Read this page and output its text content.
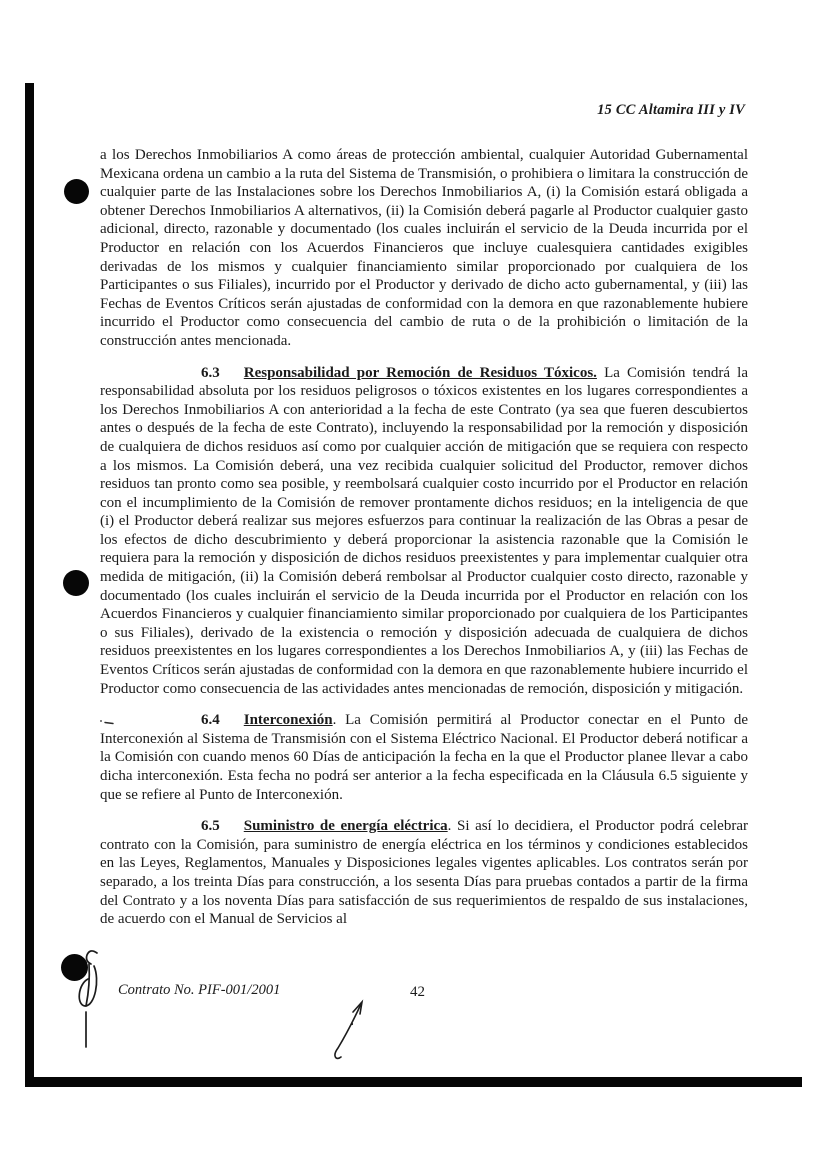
15 CC Altamira III y IV

a los Derechos Inmobiliarios A como áreas de protección ambiental, cualquier Autoridad Gubernamental Mexicana ordena un cambio a la ruta del Sistema de Transmisión, o prohibiera o limitara la construcción de cualquier parte de las Instalaciones sobre los Derechos Inmobiliarios A, (i) la Comisión estará obligada a obtener Derechos Inmobiliarios A alternativos, (ii) la Comisión deberá pagarle al Productor cualquier gasto adicional, directo, razonable y documentado (los cuales incluirán el servicio de la Deuda incurrida por el Productor en relación con los Acuerdos Financieros que incluye cualesquiera cantidades exigibles derivadas de los mismos y cualquier financiamiento similar proporcionado por cualquiera de los Participantes o sus Filiales), incurrido por el Productor y derivado de dicho acto gubernamental, y (iii) las Fechas de Eventos Críticos serán ajustadas de conformidad con la demora en que razonablemente hubiere incurrido el Productor como consecuencia del cambio de ruta o de la prohibición o limitación de la construcción antes mencionada.

6.3 Responsabilidad por Remoción de Residuos Tóxicos. La Comisión tendrá la responsabilidad absoluta por los residuos peligrosos o tóxicos existentes en los lugares correspondientes a los Derechos Inmobiliarios A con anterioridad a la fecha de este Contrato (ya sea que fueren descubiertos antes o después de la fecha de este Contrato), incluyendo la responsabilidad por la remoción y disposición de cualquiera de dichos residuos así como por cualquier acción de mitigación que se requiera con respecto a los mismos. La Comisión deberá, una vez recibida cualquier solicitud del Productor, remover dichos residuos tan pronto como sea posible, y reembolsará cualquier costo incurrido por el Productor en relación con el incumplimiento de la Comisión de remover prontamente dichos residuos; en la inteligencia de que (i) el Productor deberá realizar sus mejores esfuerzos para continuar la realización de las Obras a pesar de los efectos de dicho descubrimiento y deberá proporcionar la asistencia razonable que la Comisión le requiera para la remoción y disposición de dichos residuos preexistentes y para implementar cualquier otra medida de mitigación, (ii) la Comisión deberá rembolsar al Productor cualquier costo directo, razonable y documentado (los cuales incluirán el servicio de la Deuda incurrida por el Productor en relación con los Acuerdos Financieros y cualquier financiamiento similar proporcionado por cualquiera de los Participantes o sus Filiales), derivado de la existencia o remoción y disposición adecuada de cualquiera de dichos residuos preexistentes en los lugares correspondientes a los Derechos Inmobiliarios A, y (iii) las Fechas de Eventos Críticos serán ajustadas de conformidad con la demora en que razonablemente hubiere incurrido el Productor como consecuencia de las actividades antes mencionadas de remoción, disposición y mitigación.

6.4 Interconexión. La Comisión permitirá al Productor conectar en el Punto de Interconexión al Sistema de Transmisión con el Sistema Eléctrico Nacional. El Productor deberá notificar a la Comisión con cuando menos 60 Días de anticipación la fecha en la que el Productor planee llevar a cabo dicha interconexión. Esta fecha no podrá ser anterior a la fecha especificada en la Cláusula 6.5 siguiente y que se refiere al Punto de Interconexión.

6.5 Suministro de energía eléctrica. Si así lo decidiera, el Productor podrá celebrar contrato con la Comisión, para suministro de energía eléctrica en los términos y condiciones establecidos en las Leyes, Reglamentos, Manuales y Disposiciones legales vigentes aplicables. Los contratos serán por separado, a los treinta Días para construcción, a los sesenta Días para pruebas contados a partir de la firma del Contrato y a los noventa Días para satisfacción de sus requerimientos de respaldo de sus instalaciones, de acuerdo con el Manual de Servicios al

Contrato No. PIF-001/2001	42
